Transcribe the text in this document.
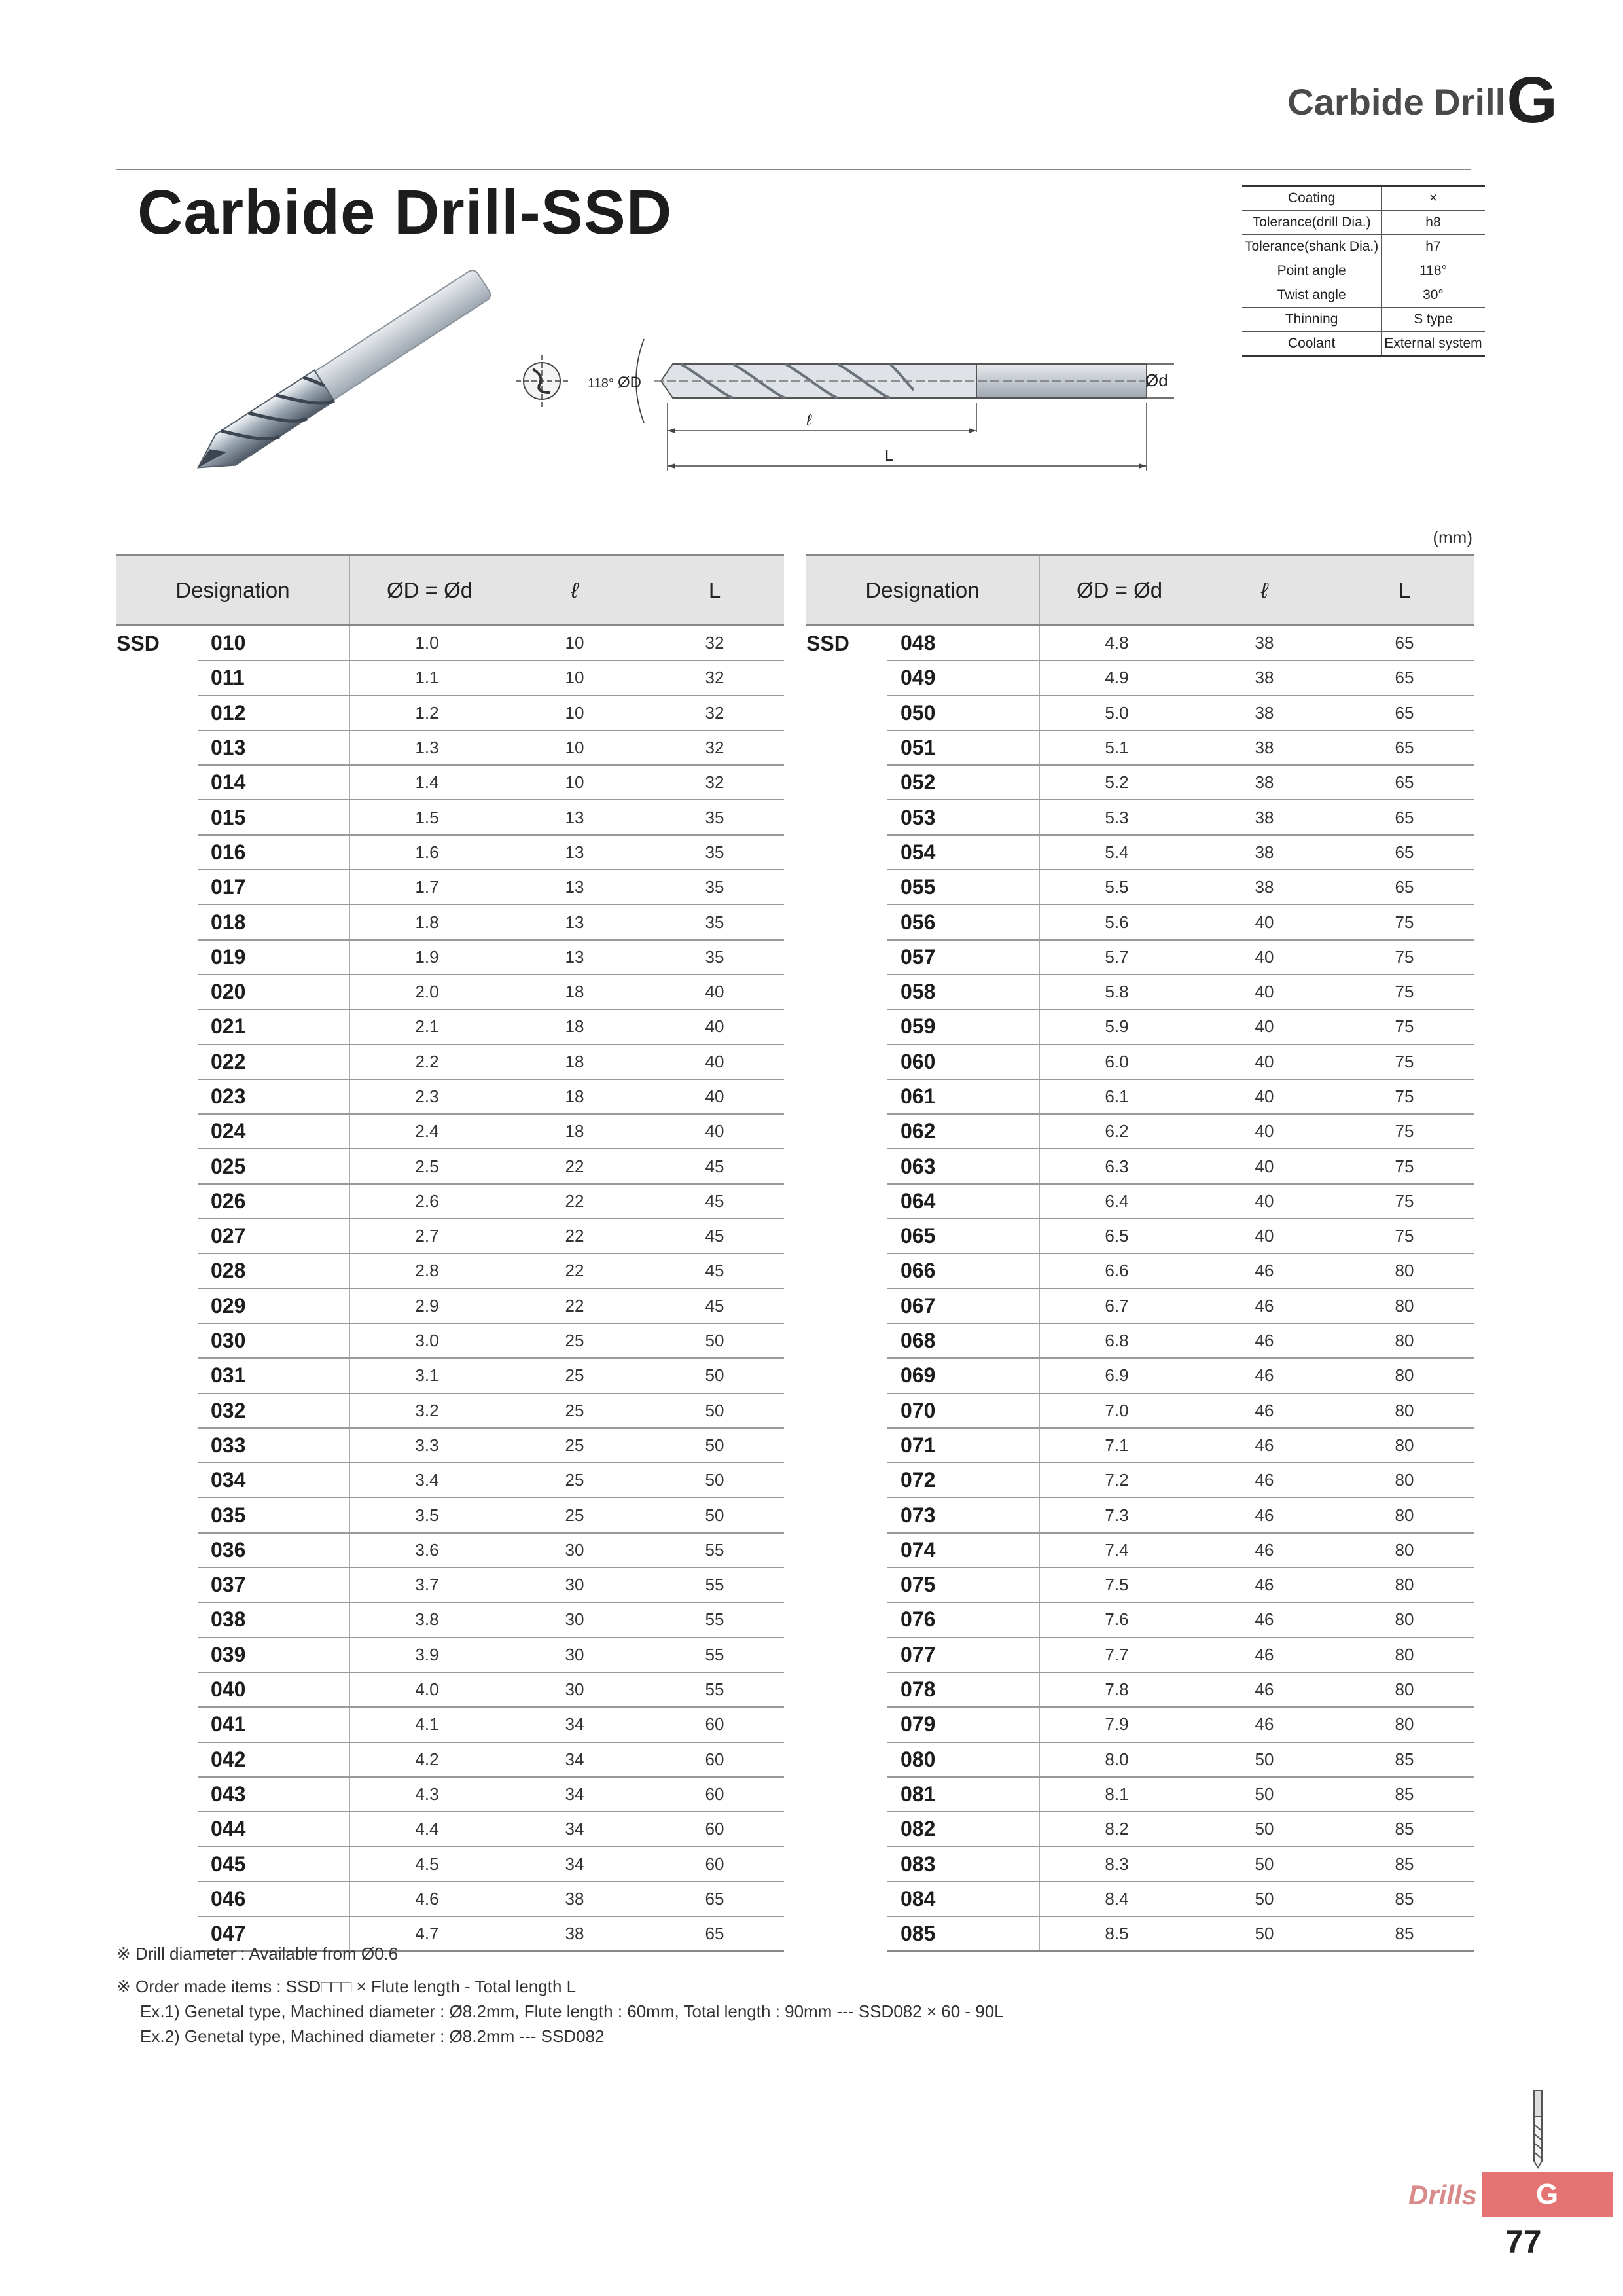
Carbide Drill G
Carbide Drill-SSD	Coating	×
Tolerance(drill Dia.)	h8
Tolerance(shank Dia.)	h7
Point angle	118°
Twist angle	30°
Thinning	S type
Coolant	External system
118° ØD	Ød
ℓ
L
(mm)
Designation		ØD = Ød	ℓ	L
SSD	010	1.0	10	32
	011	1.1	10	32
	012	1.2	10	32
	013	1.3	10	32
	014	1.4	10	32
	015	1.5	13	35
	016	1.6	13	35
	017	1.7	13	35
	018	1.8	13	35
	019	1.9	13	35
	020	2.0	18	40
	021	2.1	18	40
	022	2.2	18	40
	023	2.3	18	40
	024	2.4	18	40
	025	2.5	22	45
	026	2.6	22	45
	027	2.7	22	45
	028	2.8	22	45
	029	2.9	22	45
	030	3.0	25	50
	031	3.1	25	50
	032	3.2	25	50
	033	3.3	25	50
	034	3.4	25	50
	035	3.5	25	50
	036	3.6	30	55
	037	3.7	30	55
	038	3.8	30	55
	039	3.9	30	55
	040	4.0	30	55
	041	4.1	34	60
	042	4.2	34	60
	043	4.3	34	60
	044	4.4	34	60
	045	4.5	34	60
	046	4.6	38	65
	047	4.7	38	65
Designation		ØD = Ød	ℓ	L
SSD	048	4.8	38	65
	049	4.9	38	65
	050	5.0	38	65
	051	5.1	38	65
	052	5.2	38	65
	053	5.3	38	65
	054	5.4	38	65
	055	5.5	38	65
	056	5.6	40	75
	057	5.7	40	75
	058	5.8	40	75
	059	5.9	40	75
	060	6.0	40	75
	061	6.1	40	75
	062	6.2	40	75
	063	6.3	40	75
	064	6.4	40	75
	065	6.5	40	75
	066	6.6	46	80
	067	6.7	46	80
	068	6.8	46	80
	069	6.9	46	80
	070	7.0	46	80
	071	7.1	46	80
	072	7.2	46	80
	073	7.3	46	80
	074	7.4	46	80
	075	7.5	46	80
	076	7.6	46	80
	077	7.7	46	80
	078	7.8	46	80
	079	7.9	46	80
	080	8.0	50	85
	081	8.1	50	85
	082	8.2	50	85
	083	8.3	50	85
	084	8.4	50	85
	085	8.5	50	85
※ Drill diameter : Available from Ø0.6
※ Order made items : SSD□□□ × Flute length - Total length L
Ex.1) Genetal type, Machined diameter : Ø8.2mm, Flute length : 60mm, Total length : 90mm --- SSD082 × 60 - 90L
Ex.2) Genetal type, Machined diameter : Ø8.2mm --- SSD082
Drills	G
77
